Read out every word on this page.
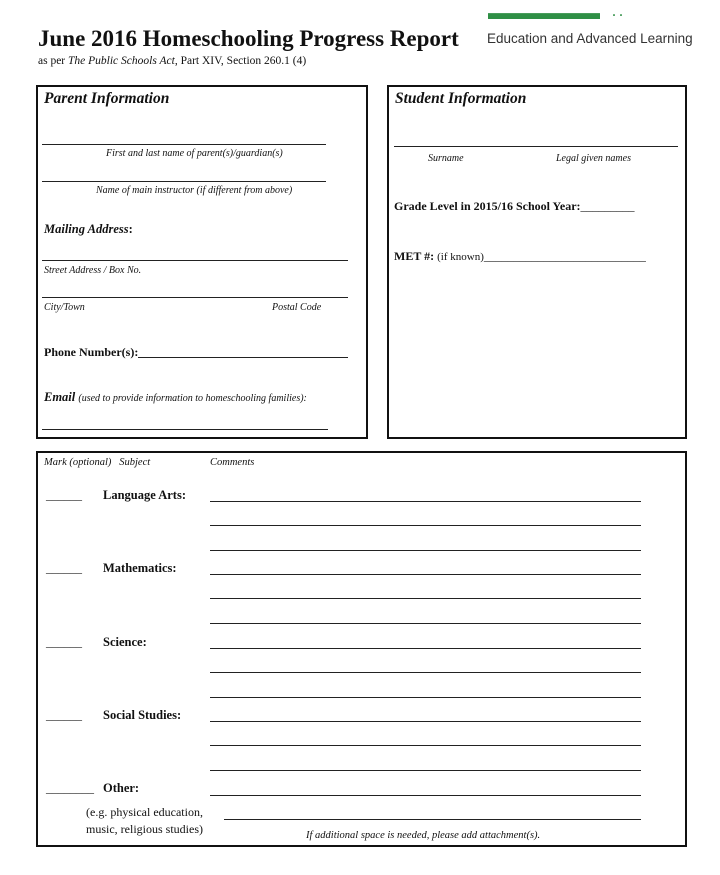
June 2016 Homeschooling Progress Report
as per The Public Schools Act, Part XIV, Section 260.1 (4)
· ·
Education and Advanced Learning
Parent Information
First and last name of parent(s)/guardian(s)
Name of main instructor (if different from above)
Mailing Address:
Street Address / Box No.
City/Town	Postal Code
Phone Number(s):
Email (used to provide information to homeschooling families):
Student Information
Surname	Legal given names
Grade Level in 2015/16 School Year:_________
MET #: (if known)___________________________
Mark (optional) Subject	Comments
______ Language Arts:
______ Mathematics:
______ Science:
______ Social Studies:
________ Other:
(e.g. physical education,
music, religious studies)	If additional space is needed, please add attachment(s).
